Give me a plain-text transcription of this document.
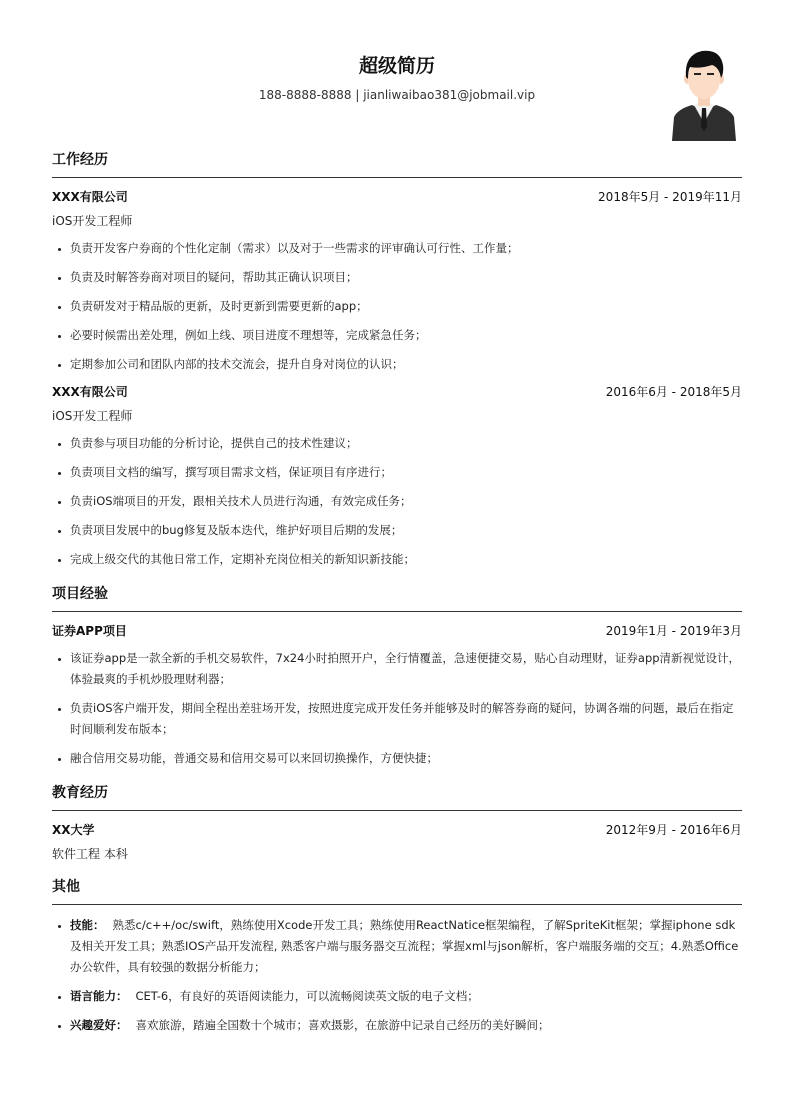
超级简历
188-8888-8888 | jianliwaibao381@jobmail.vip
工作经历
XXX有限公司	2018年5月 - 2019年11月
iOS开发工程师
• 负责开发客户券商的个性化定制（需求）以及对于一些需求的评审确认可行性、工作量；
• 负责及时解答券商对项目的疑问，帮助其正确认识项目；
• 负责研发对于精品版的更新，及时更新到需要更新的app；
• 必要时候需出差处理，例如上线、项目进度不理想等，完成紧急任务；
• 定期参加公司和团队内部的技术交流会，提升自身对岗位的认识；
XXX有限公司	2016年6月 - 2018年5月
iOS开发工程师
• 负责参与项目功能的分析讨论，提供自己的技术性建议；
• 负责项目文档的编写，撰写项目需求文档，保证项目有序进行；
• 负责iOS端项目的开发，跟相关技术人员进行沟通，有效完成任务；
• 负责项目发展中的bug修复及版本迭代，维护好项目后期的发展；
• 完成上级交代的其他日常工作，定期补充岗位相关的新知识新技能；
项目经验
证券APP项目	2019年1月 - 2019年3月
• 该证券app是一款全新的手机交易软件，7x24小时拍照开户，全行情覆盖，急速便捷交易，贴心自动理财，证券app清新视觉设计，体验最爽的手机炒股理财利器；
• 负责iOS客户端开发，期间全程出差驻场开发，按照进度完成开发任务并能够及时的解答券商的疑问，协调各端的问题，最后在指定时间顺利发布版本；
• 融合信用交易功能，普通交易和信用交易可以来回切换操作，方便快捷；
教育经历
XX大学	2012年9月 - 2016年6月
软件工程 本科
其他
• 技能： 熟悉c/c++/oc/swift，熟练使用Xcode开发工具；熟练使用ReactNatice框架编程，了解SpriteKit框架；掌握iphone sdk及相关开发工具；熟悉IOS产品开发流程, 熟悉客户端与服务器交互流程；掌握xml与json解析，客户端服务端的交互；4.熟悉Office办公软件，具有较强的数据分析能力；
• 语言能力： CET-6，有良好的英语阅读能力，可以流畅阅读英文版的电子文档；
• 兴趣爱好： 喜欢旅游，踏遍全国数十个城市；喜欢摄影，在旅游中记录自己经历的美好瞬间；
